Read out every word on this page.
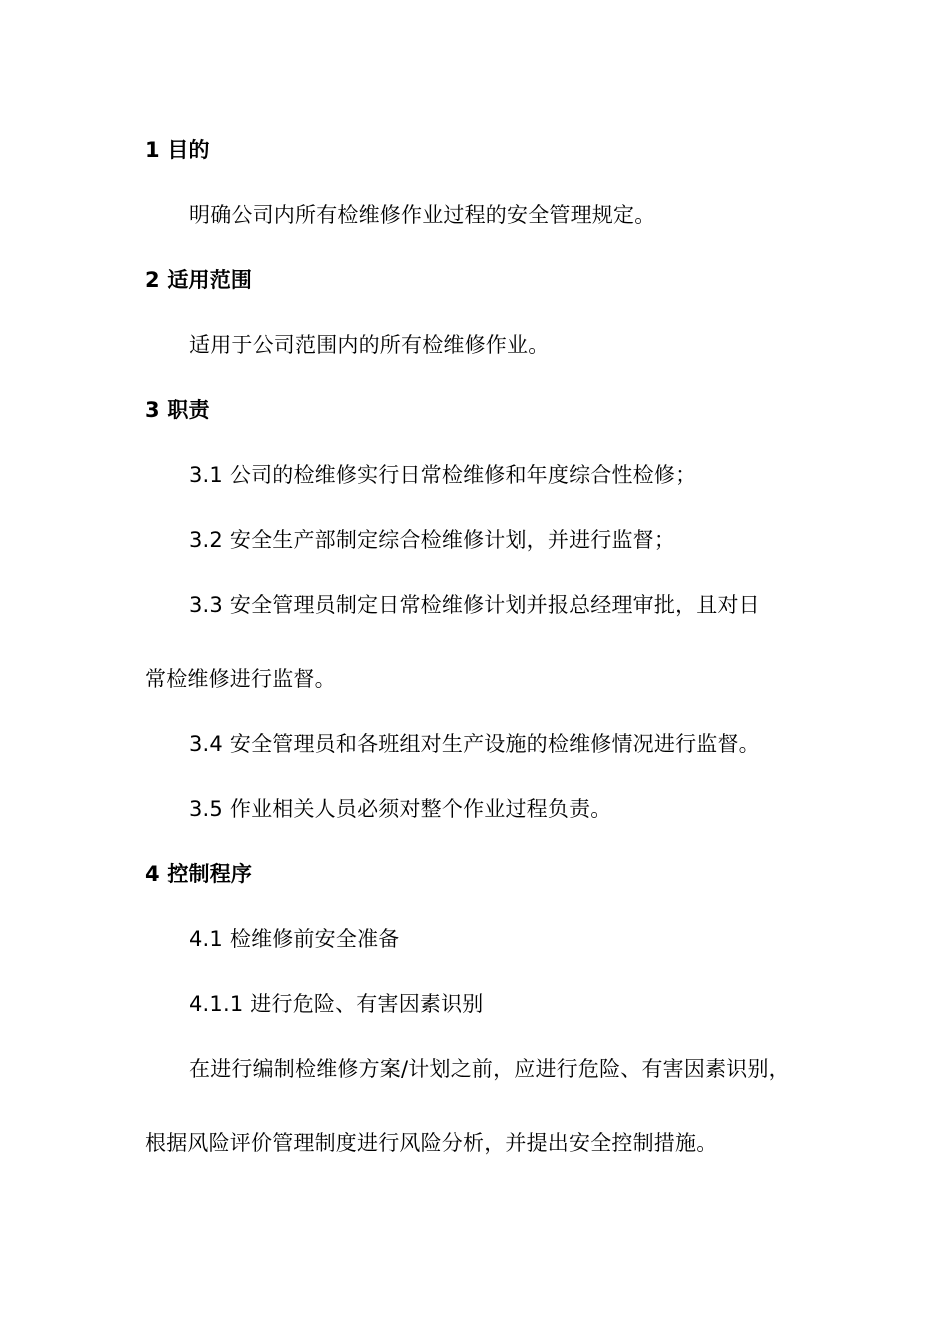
1 目的
明确公司内所有检维修作业过程的安全管理规定。
2 适用范围
适用于公司范围内的所有检维修作业。
3 职责
3.1 公司的检维修实行日常检维修和年度综合性检修；
3.2 安全生产部制定综合检维修计划，并进行监督；
3.3 安全管理员制定日常检维修计划并报总经理审批，且对日
常检维修进行监督。
3.4 安全管理员和各班组对生产设施的检维修情况进行监督。
3.5 作业相关人员必须对整个作业过程负责。
4 控制程序
4.1 检维修前安全准备
4.1.1 进行危险、有害因素识别
在进行编制检维修方案/计划之前，应进行危险、有害因素识别，
根据风险评价管理制度进行风险分析，并提出安全控制措施。
